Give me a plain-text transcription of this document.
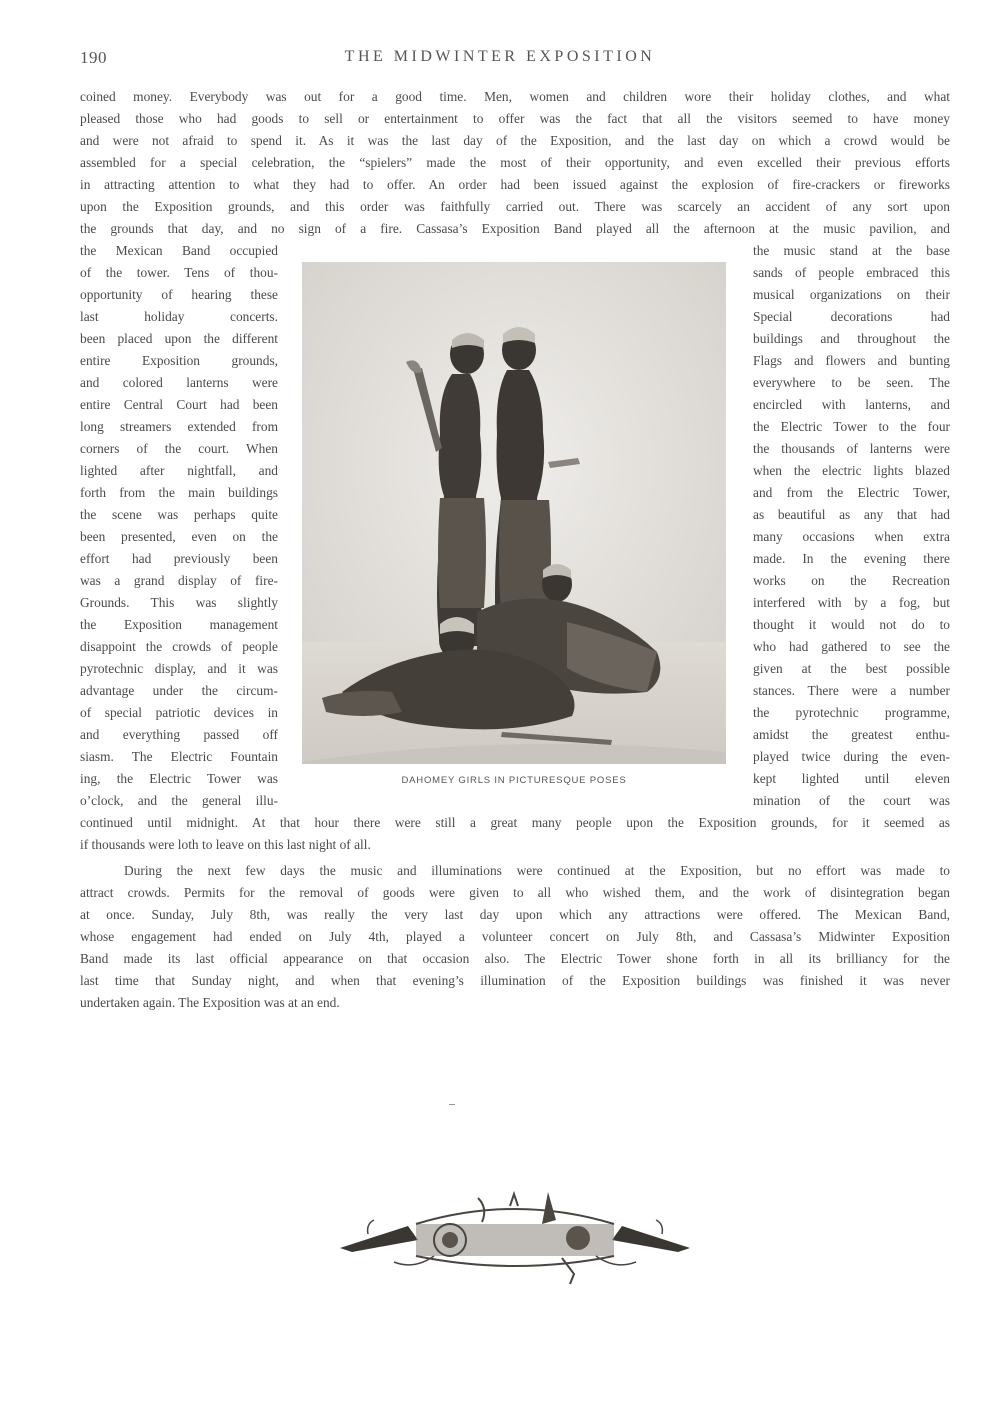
190	THE MIDWINTER EXPOSITION
coined money. Everybody was out for a good time. Men, women and children wore their holiday clothes, and what
pleased those who had goods to sell or entertainment to offer was the fact that all the visitors seemed to have money
and were not afraid to spend it. As it was the last day of the Exposition, and the last day on which a crowd would be
assembled for a special celebration, the “spielers” made the most of their opportunity, and even excelled their previous efforts
in attracting attention to what they had to offer. An order had been issued against the explosion of fire-crackers or fireworks
upon the Exposition grounds, and this order was faithfully carried out. There was scarcely an accident of any sort upon
the grounds that day, and no sign of a fire. Cassasa’s Exposition Band played all the afternoon at the music pavilion, and
the Mexican Band occupied
of the tower. Tens of thou-
opportunity of hearing these
last holiday concerts.
been placed upon the different
entire Exposition grounds,
and colored lanterns were
entire Central Court had been
long streamers extended from
corners of the court. When
lighted after nightfall, and
forth from the main buildings
the scene was perhaps quite
been presented, even on the
effort had previously been
was a grand display of fire-
Grounds. This was slightly
the Exposition management
disappoint the crowds of people
pyrotechnic display, and it was
advantage under the circum-
of special patriotic devices in
and everything passed off
siasm. The Electric Fountain
ing, the Electric Tower was
o’clock, and the general illu-
the music stand at the base
sands of people embraced this
musical organizations on their
Special decorations had
buildings and throughout the
Flags and flowers and bunting
everywhere to be seen. The
encircled with lanterns, and
the Electric Tower to the four
the thousands of lanterns were
when the electric lights blazed
and from the Electric Tower,
as beautiful as any that had
many occasions when extra
made. In the evening there
works on the Recreation
interfered with by a fog, but
thought it would not do to
who had gathered to see the
given at the best possible
stances. There were a number
the pyrotechnic programme,
amidst the greatest enthu-
played twice during the even-
kept lighted until eleven
mination of the court was
DAHOMEY GIRLS IN PICTURESQUE POSES
continued until midnight. At that hour there were still a great many people upon the Exposition grounds, for it seemed as
if thousands were loth to leave on this last night of all.
During the next few days the music and illuminations were continued at the Exposition, but no effort was made to
attract crowds. Permits for the removal of goods were given to all who wished them, and the work of disintegration began
at once. Sunday, July 8th, was really the very last day upon which any attractions were offered. The Mexican Band,
whose engagement had ended on July 4th, played a volunteer concert on July 8th, and Cassasa’s Midwinter Exposition
Band made its last official appearance on that occasion also. The Electric Tower shone forth in all its brilliancy for the
last time that Sunday night, and when that evening’s illumination of the Exposition buildings was finished it was never
undertaken again. The Exposition was at an end.
